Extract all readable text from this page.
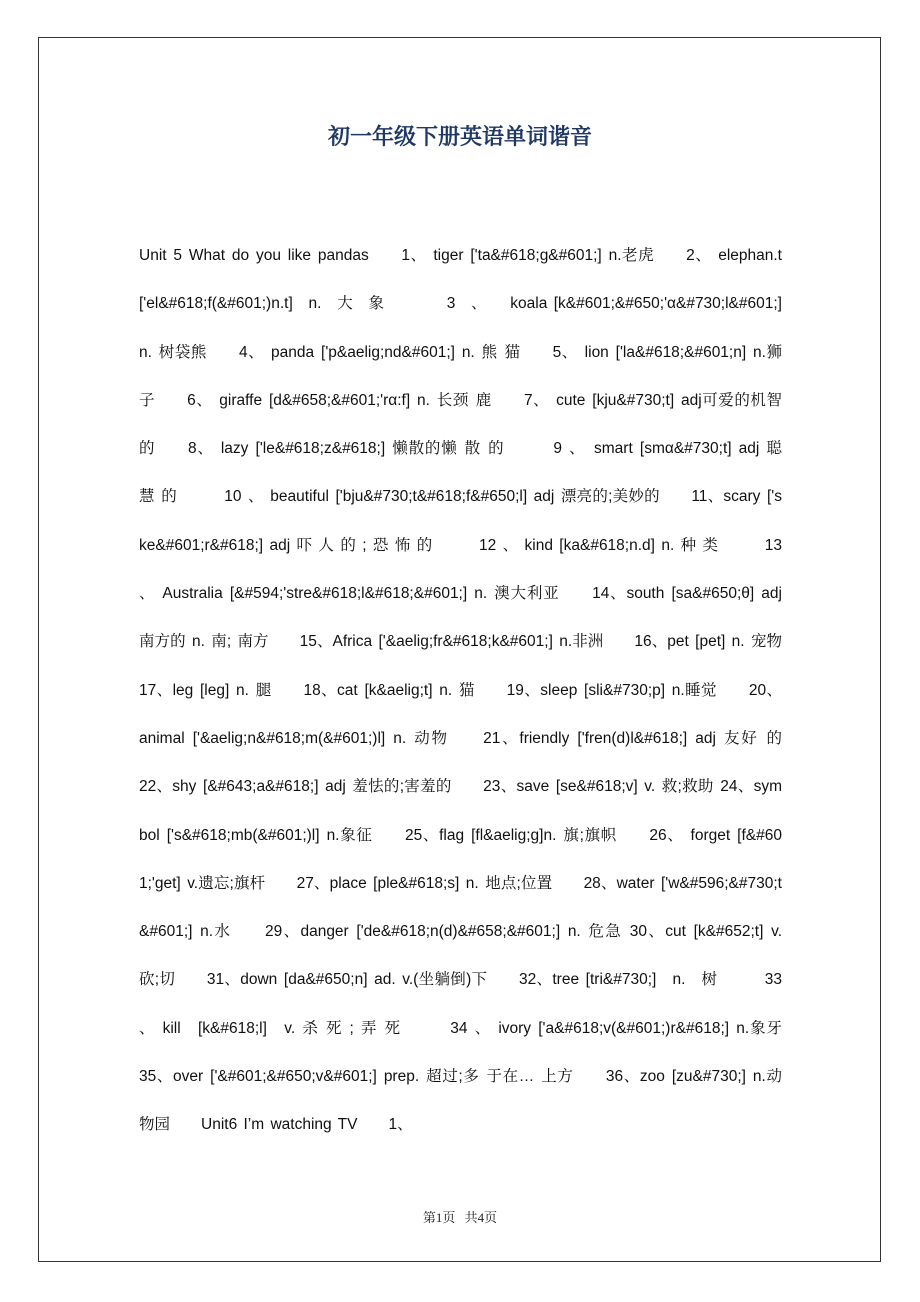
初一年级下册英语单词谐音

Unit 5 What do you like pandas　　1、 tiger ['ta&#618;g&#601;] n.老虎　　2、 elephan.t　['el&#618;f(&#601;)n.t]　n.　大　象　　　　3　、　　koala [k&#601;&#650;'α&#730;l&#601;] n. 树袋熊　　4、 panda ['p&aelig;nd&#601;] n. 熊 猫　　5、 lion ['la&#618;&#601;n] n.狮子　　6、 giraffe [d&#658;&#601;'rα:f] n. 长颈 鹿　　7、 cute [kju&#730;t] adj可爱的机智的　　8、 lazy ['le&#618;z&#618;] 懒散的懒 散 的　　　9 、　smart [smα&#730;t] adj 聪 慧 的　　　10 、 beautiful ['bju&#730;t&#618;f&#650;l] adj 漂亮的;美妙的　　11、scary ['ske&#601;r&#618;] adj 吓 人 的 ; 恐 怖 的　　　12 、 kind [ka&#618;n.d] n. 种 类　　　13 、 Australia [&#594;'stre&#618;l&#618;&#601;] n. 澳大利亚　　14、south [sa&#650;θ] adj 南方的 n. 南; 南方　　15、Africa ['&aelig;fr&#618;k&#601;] n.非洲　　16、pet [pet] n. 宠物 17、leg [leg] n. 腿　　18、cat [k&aelig;t] n. 猫　　19、sleep [sli&#730;p] n.睡觉　　20、 animal ['&aelig;n&#618;m(&#601;)l] n. 动物　　21、friendly ['fren(d)l&#618;] adj 友好 的　　22、shy [&#643;a&#618;] adj 羞怯的;害羞的　　23、save [se&#618;v] v. 救;救助 24、symbol ['s&#618;mb(&#601;)l] n.象征　　25、flag [fl&aelig;g]n. 旗;旗帜　　26、 forget [f&#601;'get] v.遗忘;旗杆　　27、place [ple&#618;s] n. 地点;位置　　28、water ['w&#596;&#730;t&#601;] n.水　　29、danger ['de&#618;n(d)&#658;&#601;] n. 危急 30、cut [k&#652;t] v. 砍;切　　31、down [da&#650;n] ad. v.(坐躺倒)下　　32、tree [tri&#730;]　n.　树　　　33 、 kill　[k&#618;l]　v. 杀 死 ; 弄 死　　　34 、 ivory ['a&#618;v(&#601;)r&#618;] n.象牙　　35、over ['&#601;&#650;v&#601;] prep. 超过;多 于在… 上方　　36、zoo [zu&#730;] n.动物园　　Unit6 I’m watching TV　　1、

第1页 共4页
